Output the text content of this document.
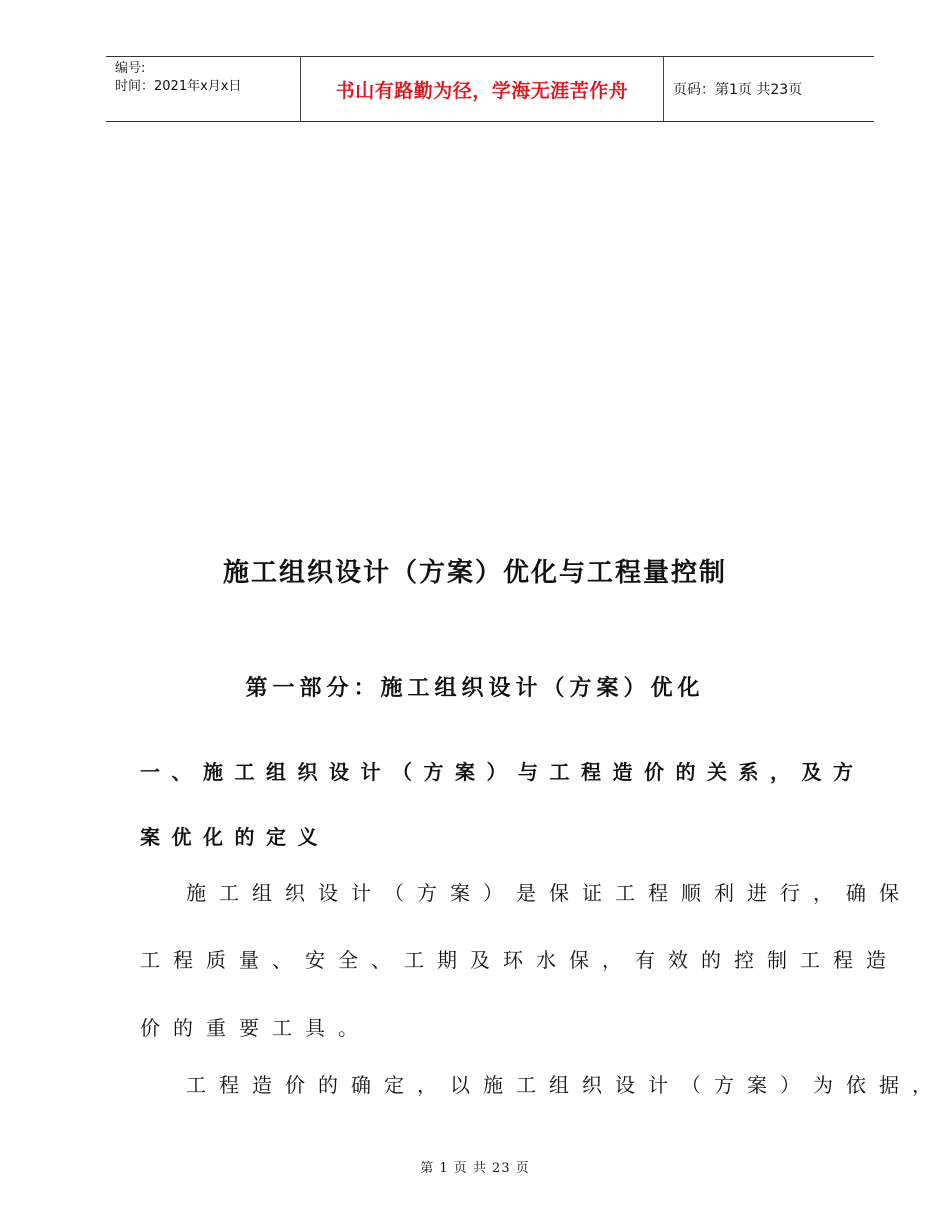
编号:
时间：2021年x月x日	书山有路勤为径，学海无涯苦作舟	页码：第1页 共23页
施工组织设计（方案）优化与工程量控制
第一部分：施工组织设计（方案）优化
一、施工组织设计（方案）与工程造价的关系，及方
案优化的定义
施工组织设计（方案）是保证工程顺利进行，确保
工程质量、安全、工期及环水保，有效的控制工程造
价的重要工具。
工程造价的确定，以施工组织设计（方案）为依据，
第 1 页 共 23 页
